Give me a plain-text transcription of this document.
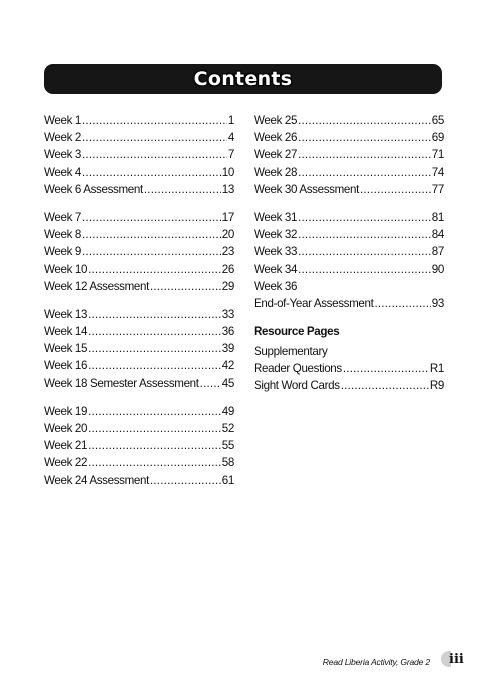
Contents
Week 1 .....	1
Week 2 .....	4
Week 3 .....	7
Week 4 .....	10
Week 6 Assessment .....	13
Week 7 .....	17
Week 8 .....	20
Week 9 .....	23
Week 10 .....	26
Week 12 Assessment .....	29
Week 13 .....	33
Week 14 .....	36
Week 15 .....	39
Week 16 .....	42
Week 18 Semester Assessment ..... 45
Week 19 .....	49
Week 20 .....	52
Week 21 .....	55
Week 22 .....	58
Week 24 Assessment .....	61
Week 25 .....	65
Week 26 .....	69
Week 27 .....	71
Week 28 .....	74
Week 30 Assessment .....	77
Week 31 .....	81
Week 32 .....	84
Week 33 .....	87
Week 34 .....	90
Week 36
End-of-Year Assessment .....	93
Resource Pages
Supplementary
Reader Questions .....	R1
Sight Word Cards .....	R9
Read Liberia Activity, Grade 2 iii
